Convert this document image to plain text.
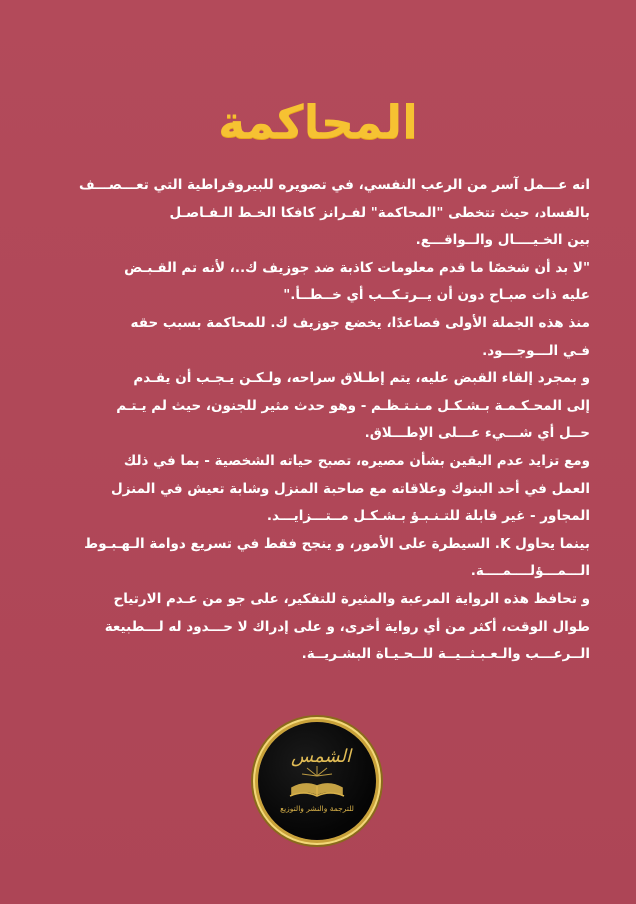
المحاكمة
انه عـــمل آسر من الرعب النفسي، في تصويره للبيروقراطية التي تعـــصـــف
بالفساد، حيث تتخطى "المحاكمة" لفـرانز كافكا الخـط الـفـاصـل
بين الخـيــــال والــواقـــع.
"لا بد أن شخصًا ما قدم معلومات كاذبة ضد جوزيف ك..، لأنه تم القـبـض
عليه ذات صبـاح دون أن يــرتـكــب أي خــطــأ."
منذ هذه الجملة الأولى فصاعدًا، يخضع جوزيف ك. للمحاكمة بسبب حقه
فـي الـــوجـــود.
و بمجرد إلقاء القبض عليه، يتم إطـلاق سراحه، ولـكـن يـجـب أن يقـدم
إلى المحـكـمـة بـشـكـل مـنـتـظـم - وهو حدث مثير للجنون، حيث لم يـتـم
حــل أي شـــيء عـــلى الإطـــلاق.
ومع تزايد عدم اليقين بشأن مصيره، تصبح حياته الشخصية - بما في ذلك
العمل في أحد البنوك وعلاقاته مع صاحبة المنزل وشابة تعيش في المنزل
المجاور - غير قابلة للتـنـبـؤ بـشـكـل مــتـــزايـــد.
بينما يحاول K. السيطرة على الأمور، و ينجح فقط في تسريع دوامة الـهـبـوط
الـــمـــؤلــــمــــة.
و تحافظ هذه الرواية المرعبة والمثيرة للتفكير، على جو من عـدم الارتياح
طوال الوقت، أكثر من أي رواية أخرى، و على إدراك لا حـــدود له لـــطبيعة
الــرعـــب والـعـبـثــيــة للــحـيـاة البشـريــة.
الشمس
للترجمة والنشر والتوزيع
